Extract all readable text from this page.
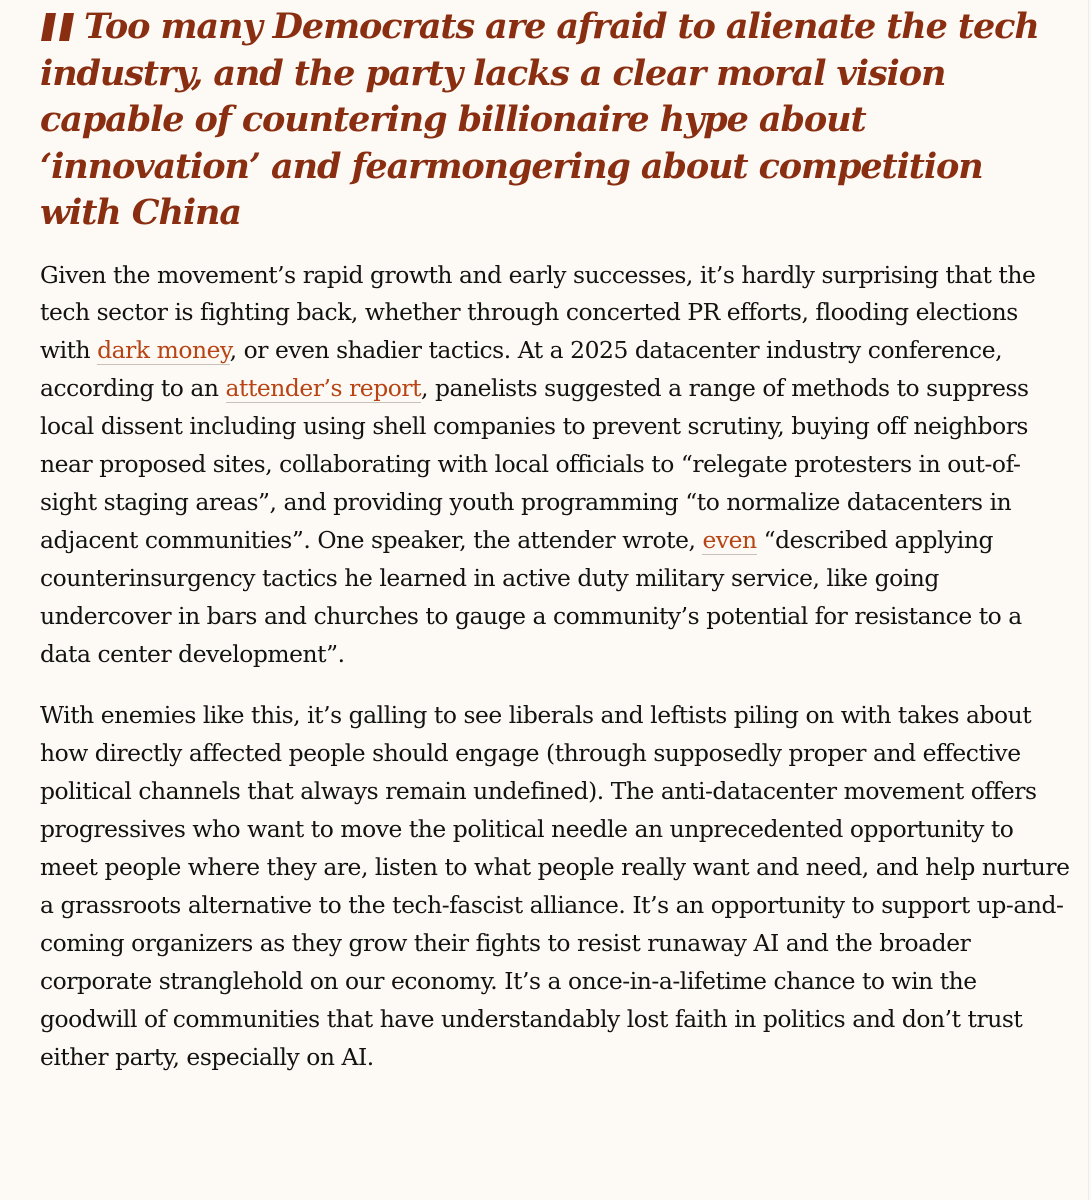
Too many Democrats are afraid to alienate the tech industry, and the party lacks a clear moral vision capable of countering billionaire hype about ‘innovation’ and fearmongering about competition with China

Given the movement’s rapid growth and early successes, it’s hardly surprising that the tech sector is fighting back, whether through concerted PR efforts, flooding elections with dark money, or even shadier tactics. At a 2025 datacenter industry conference, according to an attender’s report, panelists suggested a range of methods to suppress local dissent including using shell companies to prevent scrutiny, buying off neighbors near proposed sites, collaborating with local officials to “relegate protesters in out-of-sight staging areas”, and providing youth programming “to normalize datacenters in adjacent communities”. One speaker, the attender wrote, even “described applying counterinsurgency tactics he learned in active duty military service, like going undercover in bars and churches to gauge a community’s potential for resistance to a data center development”.

With enemies like this, it’s galling to see liberals and leftists piling on with takes about how directly affected people should engage (through supposedly proper and effective political channels that always remain undefined). The anti-datacenter movement offers progressives who want to move the political needle an unprecedented opportunity to meet people where they are, listen to what people really want and need, and help nurture a grassroots alternative to the tech-fascist alliance. It’s an opportunity to support up-and-coming organizers as they grow their fights to resist runaway AI and the broader corporate stranglehold on our economy. It’s a once-in-a-lifetime chance to win the goodwill of communities that have understandably lost faith in politics and don’t trust either party, especially on AI.
